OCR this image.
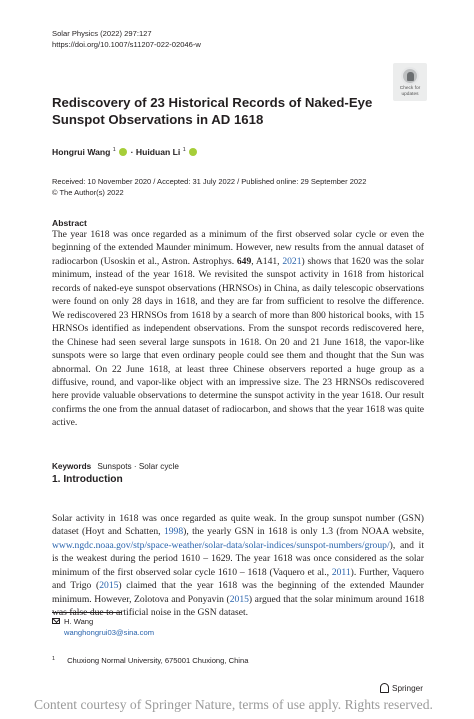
Solar Physics (2022) 297:127
https://doi.org/10.1007/s11207-022-02046-w
Check for
updates
Rediscovery of 23 Historical Records of Naked-Eye Sunspot Observations in AD 1618
Hongrui Wang $^1$ · Huiduan Li $^1$
Received: 10 November 2020 / Accepted: 31 July 2022 / Published online: 29 September 2022
© The Author(s) 2022
Abstract

The year 1618 was once regarded as a minimum of the first observed solar cycle or even the beginning of the extended Maunder minimum. However, new results from the annual dataset of radiocarbon (Usoskin et al., Astron. Astrophys. 649, A141, 2021) shows that 1620 was the solar minimum, instead of the year 1618. We revisited the sunspot activity in 1618 from historical records of naked-eye sunspot observations (HRNSOs) in China, as daily telescopic observations were found on only 28 days in 1618, and they are far from sufficient to resolve the difference. We rediscovered 23 HRNSOs from 1618 by a search of more than 800 historical books, with 15 HRNSOs identified as independent observations. From the sunspot records rediscovered here, the Chinese had seen several large sunspots in 1618. On 20 and 21 June 1618, the vapor-like sunspots were so large that even ordinary people could see them and thought that the Sun was abnormal. On 22 June 1618, at least three Chinese observers reported a huge group as a diffusive, round, and vapor-like object with an impressive size. The 23 HRNSOs rediscovered here provide valuable observations to determine the sunspot activity in the year 1618. Our result confirms the one from the annual dataset of radiocarbon, and shows that the year 1618 was quite active.

Keywords Sunspots · Solar cycle
1. Introduction

Solar activity in 1618 was once regarded as quite weak. In the group sunspot number (GSN) dataset (Hoyt and Schatten, 1998), the yearly GSN in 1618 is only 1.3 (from NOAA website, www.ngdc.noaa.gov/stp/space-weather/solar-data/solar-indices/sunspot-numbers/group/), and it is the weakest during the period 1610 – 1629. The year 1618 was once considered as the solar minimum of the first observed solar cycle 1610 – 1618 (Vaquero et al., 2011). Further, Vaquero and Trigo (2015) claimed that the year 1618 was the beginning of the extended Maunder minimum. However, Zolotova and Ponyavin (2015) argued that the solar minimum around 1618 was false due to artificial noise in the GSN dataset.

H. Wang
wanghongrui03@sina.com
$^1$ Chuxiong Normal University, 675001 Chuxiong, China
Springer
Content courtesy of Springer Nature, terms of use apply. Rights reserved.
